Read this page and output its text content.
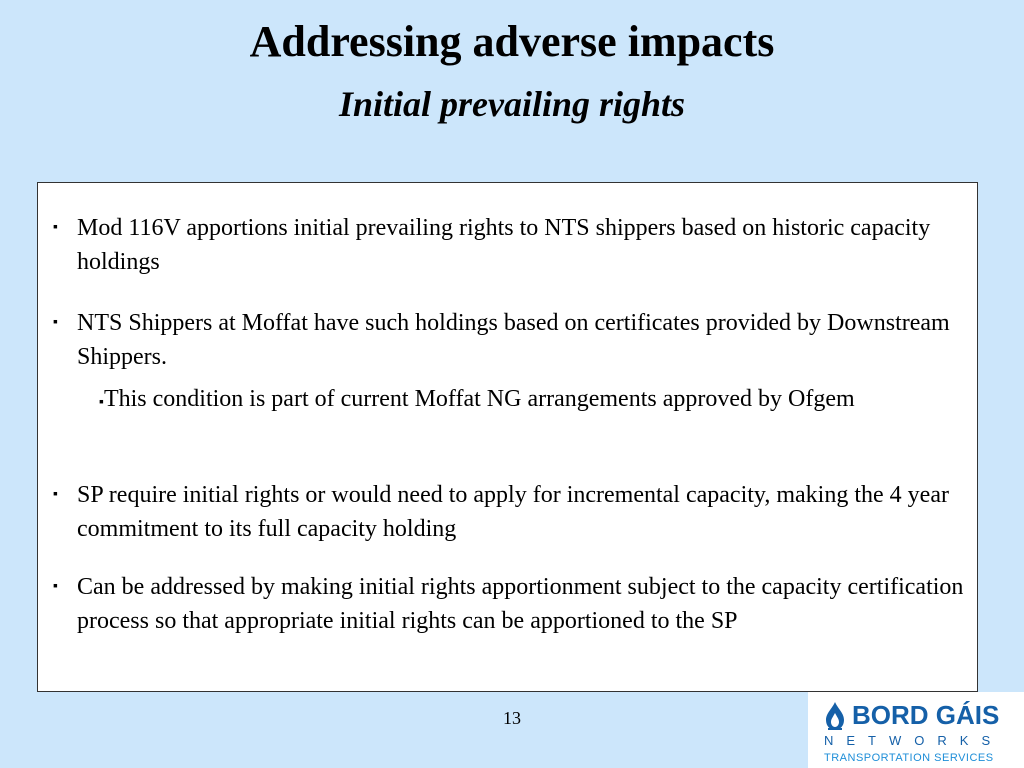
Addressing adverse impacts
Initial prevailing rights
▪ Mod 116V apportions initial prevailing rights to NTS shippers based on historic capacity holdings
▪ NTS Shippers at Moffat have such holdings based on certificates provided by Downstream Shippers.
▪This condition is part of current Moffat NG arrangements approved by Ofgem
▪ SP require initial rights or would need to apply for incremental capacity, making the 4 year commitment to its full capacity holding
▪ Can be addressed by making initial rights apportionment subject to the capacity certification process so that appropriate initial rights can be apportioned to the SP
13	BORD GÁIS
NETWORKS
TRANSPORTATION SERVICES
